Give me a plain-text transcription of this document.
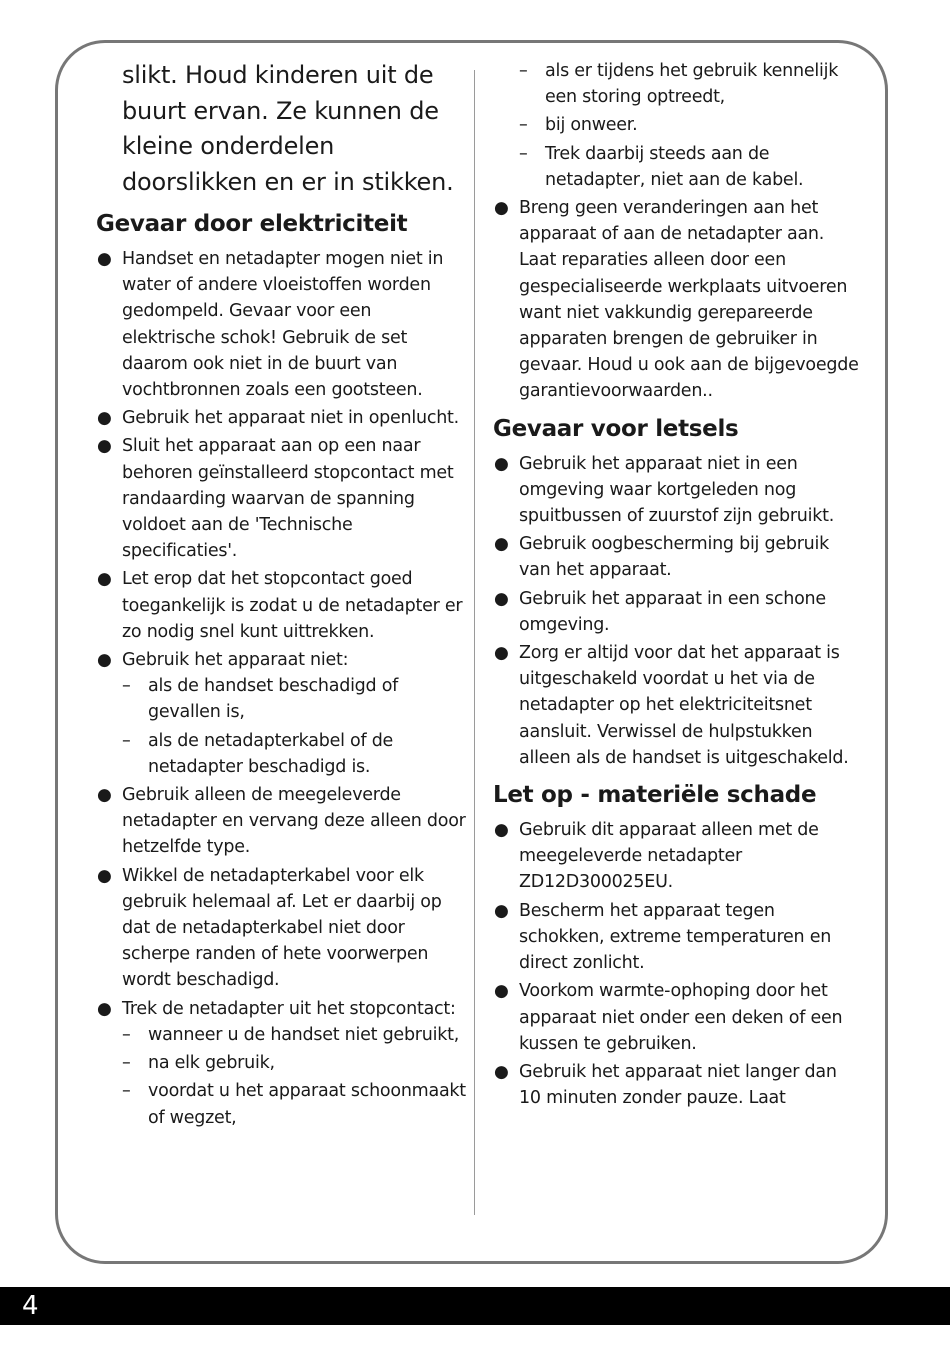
slikt. Houd kinderen uit de buurt ervan. Ze kunnen de kleine onderdelen doorslikken en er in stikken.

Gevaar door elektriciteit
● Handset en netadapter mogen niet in water of andere vloeistoffen worden gedompeld. Gevaar voor een elektrische schok! Gebruik de set daarom ook niet in de buurt van vochtbronnen zoals een gootsteen.
● Gebruik het apparaat niet in openlucht.
● Sluit het apparaat aan op een naar behoren geïnstalleerd stopcontact met randaarding waarvan de spanning voldoet aan de 'Technische specificaties'.
● Let erop dat het stopcontact goed toegankelijk is zodat u de netadapter er zo nodig snel kunt uittrekken.
● Gebruik het apparaat niet:
– als de handset beschadigd of gevallen is,
– als de netadapterkabel of de netadapter beschadigd is.
● Gebruik alleen de meegeleverde netadapter en vervang deze alleen door hetzelfde type.
● Wikkel de netadapterkabel voor elk gebruik helemaal af. Let er daarbij op dat de netadapterkabel niet door scherpe randen of hete voorwerpen wordt beschadigd.
● Trek de netadapter uit het stopcontact:
– wanneer u de handset niet gebruikt,
– na elk gebruik,
– voordat u het apparaat schoonmaakt of wegzet,
– als er tijdens het gebruik kennelijk een storing optreedt,
– bij onweer.
– Trek daarbij steeds aan de netadapter, niet aan de kabel.
● Breng geen veranderingen aan het apparaat of aan de netadapter aan. Laat reparaties alleen door een gespecialiseerde werkplaats uitvoeren want niet vakkundig gerepareerde apparaten brengen de gebruiker in gevaar. Houd u ook aan de bijgevoegde garantievoorwaarden..
Gevaar voor letsels
● Gebruik het apparaat niet in een omgeving waar kortgeleden nog spuitbussen of zuurstof zijn gebruikt.
● Gebruik oogbescherming bij gebruik van het apparaat.
● Gebruik het apparaat in een schone omgeving.
● Zorg er altijd voor dat het apparaat is uitgeschakeld voordat u het via de netadapter op het elektriciteitsnet aansluit. Verwissel de hulpstukken alleen als de handset is uitgeschakeld.
Let op - materiële schade
● Gebruik dit apparaat alleen met de meegeleverde netadapter ZD12D300025EU.
● Bescherm het apparaat tegen schokken, extreme temperaturen en direct zonlicht.
● Voorkom warmte-ophoping door het apparaat niet onder een deken of een kussen te gebruiken.
● Gebruik het apparaat niet langer dan 10 minuten zonder pauze. Laat
4
